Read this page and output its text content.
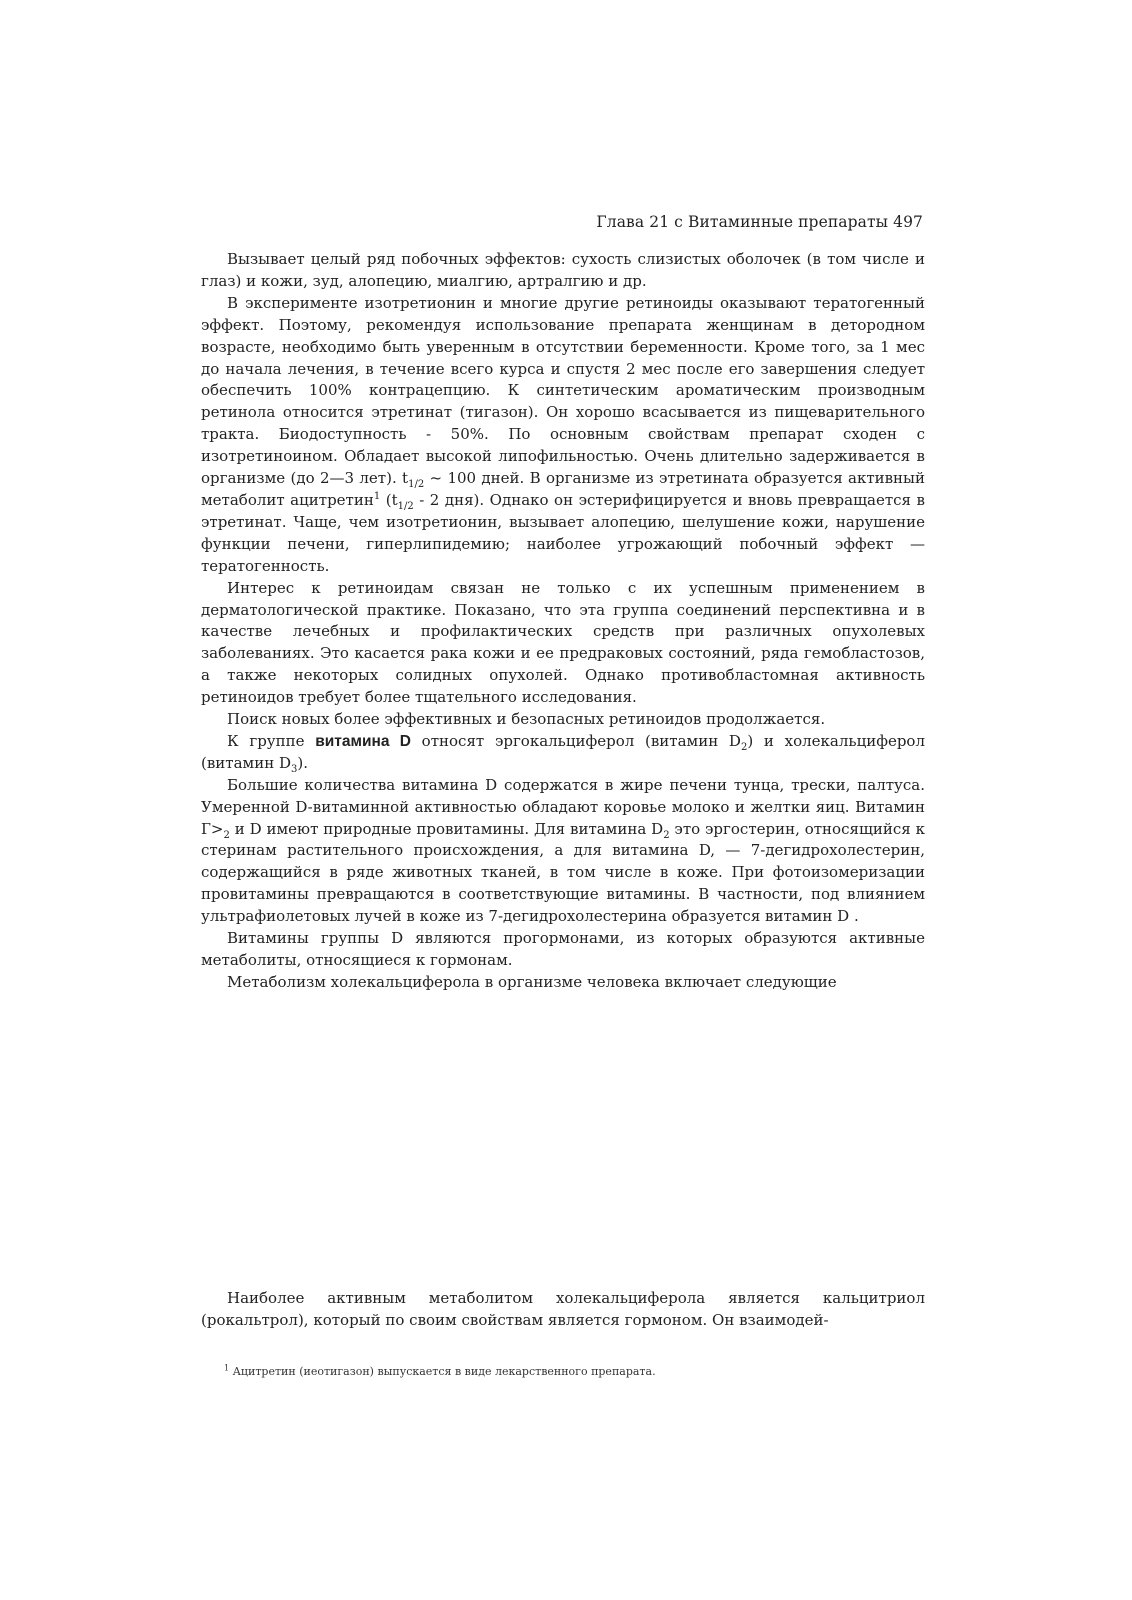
Глава 21 с Витаминные препараты 497

Вызывает целый ряд побочных эффектов: сухость слизистых оболочек (в том числе и глаз) и кожи, зуд, алопецию, миалгию, артралгию и др.

В эксперименте изотретионин и многие другие ретиноиды оказывают тератогенный эффект. Поэтому, рекомендуя использование препарата женщинам в детородном возрасте, необходимо быть уверенным в отсутствии беременности. Кроме того, за 1 мес до начала лечения, в течение всего курса и спустя 2 мес после его завершения следует обеспечить 100% контрацепцию. К синтетическим ароматическим производным ретинола относится этретинат (тигазон). Он хорошо всасывается из пищеварительного тракта. Биодоступность - 50%. По основным свойствам препарат сходен с изотретиноином. Обладает высокой липофильностью. Очень длительно задерживается в организме (до 2—3 лет). $t_{1/2}$ ~ 100 дней. В организме из этретината образуется активный метаболит ацитретин$^1$ ($t_{1/2} - 2$ дня). Однако он эстерифицируется и вновь превращается в этретинат. Чаще, чем изотретионин, вызывает алопецию, шелушение кожи, нарушение функции печени, гиперлипидемию; наиболее угрожающий побочный эффект — тератогенность.

Интерес к ретиноидам связан не только с их успешным применением в дерматологической практике. Показано, что эта группа соединений перспективна и в качестве лечебных и профилактических средств при различных опухолевых заболеваниях. Это касается рака кожи и ее предраковых состояний, ряда гемобластозов, а также некоторых солидных опухолей. Однако противобластомная активность ретиноидов требует более тщательного исследования.

Поиск новых более эффективных и безопасных ретиноидов продолжается.

К группе витамина D относят эргокальциферол (витамин $D_2$) и холекальциферол (витамин $D_3$).

Большие количества витамина D содержатся в жире печени тунца, трески, палтуса. Умеренной D-витаминной активностью обладают коровье молоко и желтки яиц. Витамин $Г>_2$ и D имеют природные провитамины. Для витамина $D_2$ это эргостерин, относящийся к стеринам растительного происхождения, а для витамина D, — 7-дегидрохолестерин, содержащийся в ряде животных тканей, в том числе в коже. При фотоизомеризации провитамины превращаются в соответствующие витамины. В частности, под влиянием ультрафиолетовых лучей в коже из 7-дегидрохолестерина образуется витамин D .

Витамины группы D являются прогормонами, из которых образуются активные метаболиты, относящиеся к гормонам.

Метаболизм холекальциферола в организме человека включает следующие

Наиболее активным метаболитом холекальциферола является кальцитриол (рокальтрол), который по своим свойствам является гормоном. Он взаимодей-

$^1$ Ацитретин (иеотигазон) выпускается в виде лекарственного препарата.
